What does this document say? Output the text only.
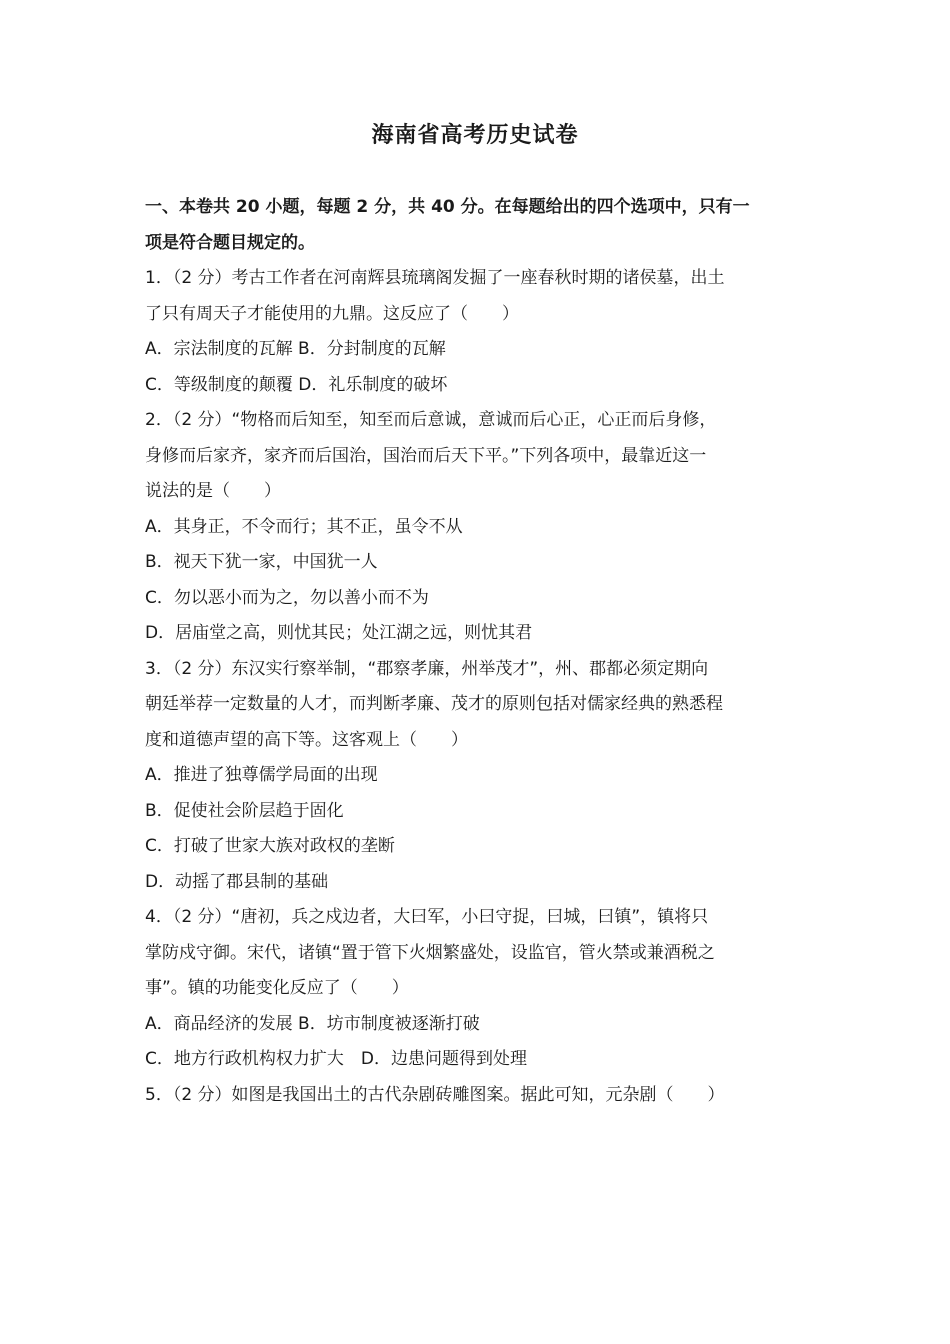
海南省高考历史试卷

一、本卷共 20 小题，每题 2 分，共 40 分。在每题给出的四个选项中，只有一

项是符合题目规定的。

1．（2 分）考古工作者在河南辉县琉璃阁发掘了一座春秋时期的诸侯墓，出土

了只有周天子才能使用的九鼎。这反应了（　　）

A．宗法制度的瓦解 B．分封制度的瓦解

C．等级制度的颠覆 D．礼乐制度的破坏

2．（2 分）“物格而后知至，知至而后意诚，意诚而后心正，心正而后身修，

身修而后家齐，家齐而后国治，国治而后天下平。”下列各项中，最靠近这一

说法的是（　　）

A．其身正，不令而行；其不正，虽令不从

B．视天下犹一家，中国犹一人

C．勿以恶小而为之，勿以善小而不为

D．居庙堂之高，则忧其民；处江湖之远，则忧其君

3．（2 分）东汉实行察举制，“郡察孝廉，州举茂才”，州、郡都必须定期向

朝廷举荐一定数量的人才，而判断孝廉、茂才的原则包括对儒家经典的熟悉程

度和道德声望的高下等。这客观上（　　）

A．推进了独尊儒学局面的出现

B．促使社会阶层趋于固化

C．打破了世家大族对政权的垄断

D．动摇了郡县制的基础

4．（2 分）“唐初，兵之戍边者，大曰军，小曰守捉，曰城，曰镇”，镇将只

掌防戍守御。宋代，诸镇“置于管下火烟繁盛处，设监官，管火禁或兼酒税之

事”。镇的功能变化反应了（　　）

A．商品经济的发展 B．坊市制度被逐渐打破

C．地方行政机构权力扩大　D．边患问题得到处理

5．（2 分）如图是我国出土的古代杂剧砖雕图案。据此可知，元杂剧（　　）
